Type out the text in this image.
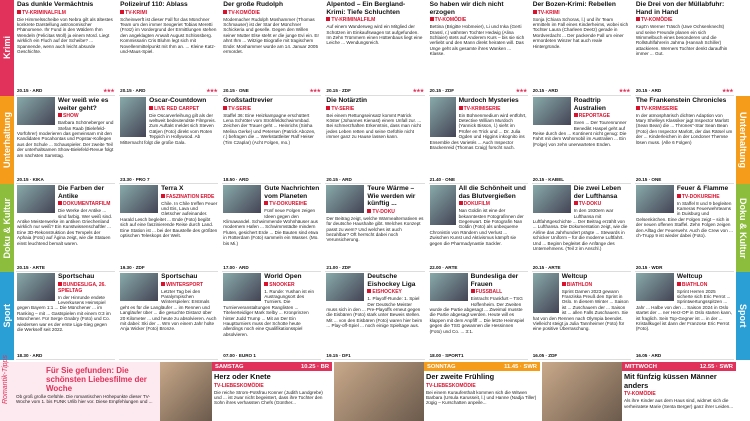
Krimi
Unterhaltung
Doku & Kultur
Sport
Unterhaltung
Doku & Kultur
Sport
Das dunkle Vermächtnis
TV-KRIMINALFILM
Die Himmelsscheibe von Nebra gilt als ältestes konkrete Darstellung astronomischer Phänomene. Ihr Fund in den Wäldern Ihm Wendeln (Felicitas Woll) ja einem Mord. Liegt wirklich ein Fluch auf der Scheibe? ... Spannende, wenn auch leicht absurde Geschichte.
20.15 · ARD	★★★
Polizeiruf 110: Ablass
TV-KRIMI
Scheinwerft ist dieser Fall für das Münchner Team um den immer Sexgeriet Tobias Meretti (Frotz) im Vordergrund der Ermittlungen stehen den angeklagten Anwalt August Schlossberg. Kommissarin Cris Bluhm legt sich mit Novellenmittelpunkt mit Ihm an. ... Kleine Katz-und-Maus-Spiel.
20.15 · ARD	★★★
Der große Rudolph
TV-KOMÖDIE
Modemacher Rudolph Moshammer (Thomas Schmauser) ist der Star der Münchner Schickeria und geselle. Gegen den Willen seiner Mutter Else steht er die junge Evi ein. Er ahnt Ihm ... Witzige Biografie mit tragischem Ende: Moshammer wurde am 14. Januar 2005 ermordet.
20.15 · ONE	★★★
Alpentod – Ein Bergland-Krimi: Tiefe Schluchten
TV-KRIMINALFILM
Auf einem Wanderweg wird ein Mitglied der Schützen im Einkaufswagen tot aufgefunden. Im Zehn Trümmern einen Hüttenbaus liegt eine Leiche ... Wendungsreich.
20.15 · ZDF	★★★
So haben wir dich nicht erzogen
TV-KOMÖDIE
Bettina (Brigitte Hobmeier), Li und Inka (Gerti Drassl, r.) wähnten Tochter Hedwig (Alina Schlaier) stets auf Anderem Kurs – bis sie sich verliebt und den Mann direkt heiraten will. Das Unge geht als gesamte ihres Wanken ... Klasse.
20.15 · ZDF	★★★
Der Bozen-Krimi: Rebellen
TV-KRIMI
Sonja (Chiara Schoras, l.) und ihr Team ermitteln im Fall eines Kinderheims, wobei sich Tochter Laura (Charleen Deetz) gerade in Mordverdacht ... Der packende Fall um einer ermordeten Winzer hat auch reale Hintergründe.
20.15 · ARD	★★★
Die Drei von der Müllabfuhr: Hand in Hand
TV-KOMÖDIE
Kapt'n Werner Träsch (Uwe Ochsenknecht) und seine Freunde planen ein sich Wimmelbuch eines besonderen und die Rollstuhlfahrerin Jahrna (Hannah Schiller) attackieren. Werners Tochter denkt daraufhin immer ... Gut.
20.15 · ARD	★★★
Wer weiß wie es weiter geht?
SHOW
Barbara Schöneberger und Stefan Raab (Bielefeld-Vorführer) moderieren das gemeinsam mit den Kandidaten Pocahontas und Popstar-Kollegen aus der Schule ... Schauspieler. Der zweite Teil der unterhaltsamen Show-Bielefeld-Revue folgt am nächsten Samstag.
20.15 · KIKA
Oscar-Countdown
LIVE RED CARPET
Die Oscarverleihung gilt als der weltweit bedeutendste Filmpreis. Zum Auftakt meldet sich Steven Gätjen (Foto) direkt vom Roten Teppich in Hollywood. Ab Mitternacht folgt die große Gala.
23.30 · PRO 7
Großstadtrevier
TV-SERIE
Staffel 36: Eine Heizkampagne erschüttert Lena Schröter vom Strohfeldschwimmbad. Zeichen der Trauer geht ... Heinrichs (Sinha Melina Gerke) und Petersen (Patrick Abozen, r.) befragen die ... Werkstattleiter Ralf Heiser (Tim Czaplar) (Acht Folgen, mo.)
18.50 · ARD
Die Notärztin
TV-SERIE
Bei einem Rettungseinsatz kommt Patrick Köster (Johannes Kienast) einem Unfall zur. ... Bei schmerzhaften Erkenntnis, dass man nicht jedes Leben retten und seine Gefühle nicht immer ganz zu Hause lassen kann.
20.15 · ARD
Murdoch Mysteries
TV-KRIMISERIE
Ein Bühnenmedium wird entführt, Detective William Murdoch (Yannick Bisson, l.) sieht im Prüfer en Trick und ... Dr. Julia Ogden und Higgins inkognito ins Ensemble des Varietés ... Auch Inspector Brackenreid (Thomas Craig) forscht nach.
21.40 · ONE
Roadtrip Australien
REPORTAGE
Sven ... Der Tourenrunner Benedikt Haspel geht auf Reise durch den ... Kontinent nicht genug: Die Fahrt mit dem Wohnmobil im Australien ... Ein (Folge) von zehn unerwarteten Enden.
20.15 · KABEL
The Frankenstein Chronicles
TV-KRIMISERIE
In der atmosphärisch dichten Adaption von Mary Shelleys Klassiker jagt Inspector Marlott (Sean Bean) die ... Thrones“-Star Sean Bean (Foto) den Inspector Marlott, der das Rätsel um der ... Kinderleichen in der Londoner Themse lösen muss. (Alle 6 Folgen)
20.15 · ONE
Die Farben der Antike
DOKUMENTARFILM
Die Werke der Antike ... sind farbig. Wer weiß sind. Antike Meisterwerke im antiken Griechenland wirklich nur weiß? Ein Kunstwissenschaftler ... Eine 3D-Rekonstruktion des Tempels der Aphaia (Foto) auf Ägina zeigt, wie die Statuen einst leuchtend bemalt waren.
20.15 · ARTE
Terra X
FASZINATION ERDE
Chile. In Chile treffen Feuer und Eis, Lava und Gletscher aufeinander. Harald Lesch begleitet ... Ende (Foto) begibt sich auf eine faszinierende Reise durch Land. Eine Station ist ... bei der Baustelle des größten optischen Teleskops der Welt.
19.30 · ZDF
Gute Nachrichten vom Planeten
TV-DOKUREIHE
Fünf neue Folgen zeigen Ideen gegen den Klimawandel. Schwimmende Wohnhäuser aus modernem Hafen ... Schwimmstädte mindern Fluten, gesichert Erde ... Die Bauten sind etwa in Rotterdam (Foto) sammeln ein Wasser. (Mo. bis Mi.)
17.00 · ARD
Teure Wärme – Wie werden wir künftig ...
TV-DOKU
Der Beitrag zeigt, welche Wärmealternativen es für deutsche Haushalte gibt. Welches Konzept passt zu wem? Und welches ist auch bezahlbar? Oft herrscht dabei noch Verunsicherung.
21.00 · ZDF
All die Schönheit und das Blutvergießen
DOKUFILM
Nan Goldin ist eine der bekanntesten Fotografinnen der Gegenwart. Die Fotografin Nan Goldin (Foto) als unbequeme Chronistin von Rändern und Verlust ... Zwischen Kunst und Aktivismus kämpft sie gegen die Pharmadynastie Sackler.
22.00 · ARTE
Die zwei Leben der Lufthansa
TV-DOKU
In den 1930ern war Lufthansa mit Luftfahrtgeschichte ... Der Beitrag erzählt von ... Lufthansa. Die Dokumentation zeigt, wie die Airline das Jahrhundert prägte ... Stewards in schicker Uniform – für die moderne Luftfahrt. Und ... Beginn begleitet die Anfänge des Unternehmens. (Teil 2 im Anschl.)
20.15 · ARTE
Feuer & Flamme
TV-DOKUREIHE
In Staffel 8 und 9 begleiten Kameras Feuerwehrteams in Duisburg und Gelsenkirchen. Eine der Folgen zeigt – sich in der neuen offenen Staffel. Zehn Folgen zeigen den Alltag der Feuerwehr. Auch die Crew von ... ch-Trupp 9 ist wieder dabei (Foto).
20.15 · WDR
Sportschau
BUNDESLIGA, 26. SPIELTAG
In der Hinrunde endete Leverkusens Heimspiel gegen Bayern 1:1 ... Die Münchener ... im Ranking – mit ... Gastspielen mit einem 0:3 im Münchener. Für Serge Gnabry (Foto) und Co. wiedersen war es der erste Liga-Sieg gegen die Werkself seit 2022.
18.30 · ARD
Sportschau
WINTERSPORT
Letzter Tag bei den Paralympischen Winterspielen: Erstmals geht es für die Langläufer ... im Rennen und Langläufer über ... die gesuchte Distanz über 20 Kilometer ... und heute zu absolvieren. Auch mit dabei: Ski der ... Wm von einem Jahr holte Anja Wicker (Foto) Bronze.
World Open
SNOOKER
1. Runde: Yushan ist ein Austragungsort des Turniers. Die Turnierveranstaltungen Ranglisten ... Titelverteidiger Mark Selby ... Kronprinzen hinter Judd Trump ... Mit an Der Ein Hauptturniers muss der Schotte heute allerdings noch eine Qualifikationsspiel absolvieren.
07.00 · EURO 1
Deutsche Eishockey Liga
EISHOCKEY
1. Playoff-Runde: 1. Spiel Der Deutsche Meister muss sich in den ... Pre-Playoffs erneut gegen die Eisbären (Foto) stark unter Beweis stellen. Mit ... von den Eisbären (Foto) waren hier beim ... Play-off-Spiel ... noch einige Spieltage aus.
19.15 · DF1
Bundesliga der Frauen
FUSSBALL
Eintracht Frankfurt – TSG Hoffenheim. Der Zweiten wurde die Partie abgesagt ... Zweimal musste die Partie abgesagt werden. Heute will es klappen mit dem Anpfiff ... Die letzte Heimspiel gegen die TSG gewannen die Hessinnen (Foto) und Co. ... 3:1.
18.00 · SPORT1
Weltcup
BIATHLON
Sprint Damen 2023 gewann Franziska Preuß den Sprint in Oslo. In diesem Winter ... Saison ist ... Zuschauern der ... Saison ist ... allen Falls Zuschauern. Sie hat von den Rennen nach Olympia beendet. Vielleicht steigt ja Julia Tannheimer (Foto) für eine positive Überraschung.
16.05 · ZDF
Weltcup
BIATHLON
Sprint Herren 2025 sicherte sich Eric Perrot ... Sprintwertungsspitzen ... Jahr ... Halbe von den ... Saison 2024 in Oslo startet der ... ner Herz-OP in Oslo starten kann, ist fraglich. Sein Top-Gegner ist ... in der ... Kristallkugel ist dann der Franzose Eric Perrot (Foto).
16.05 · ARD
Romantik-Tipps	Für Sie gefunden: Die schönsten Liebesfilme der Woche
Ob groß große Gefühle. Die romantischen Höhepunkte dieser TV-Woche vom 1. bis FUNK Urlib hier vor. Diese Empfehlungen und ...
SAMSTAG	10.25 · BR
Herz oder Knete
TV-LIEBESKOMÖDIE
Die reiche Strom-Potsfrau Konner (Judith Landgrebe) und ... ist zwar nicht begeistert, dass ihre Tochter den Sohn ihres verhassten Chefs (Günther...
SONNTAG	11.45 · SWR
Der zweite Frühling
TV-LIEBESKOMÖDIE
Bei einem Kuraufenthalt kommen sich die Witwen Barbara (Ursula Karusseit, l.) und Hanne (Nadja Tiller) zügig – Kurschatten anpeile...
MITTWOCH	12.55 · SWR
Mit fünfzig küssen Männer anders
TV-KOMÖDIE
Als ihre Kinder aus dem Haus sind, widmet sich die verheiratete Marie (Senta Berger) ganz ihrer Leiden...
